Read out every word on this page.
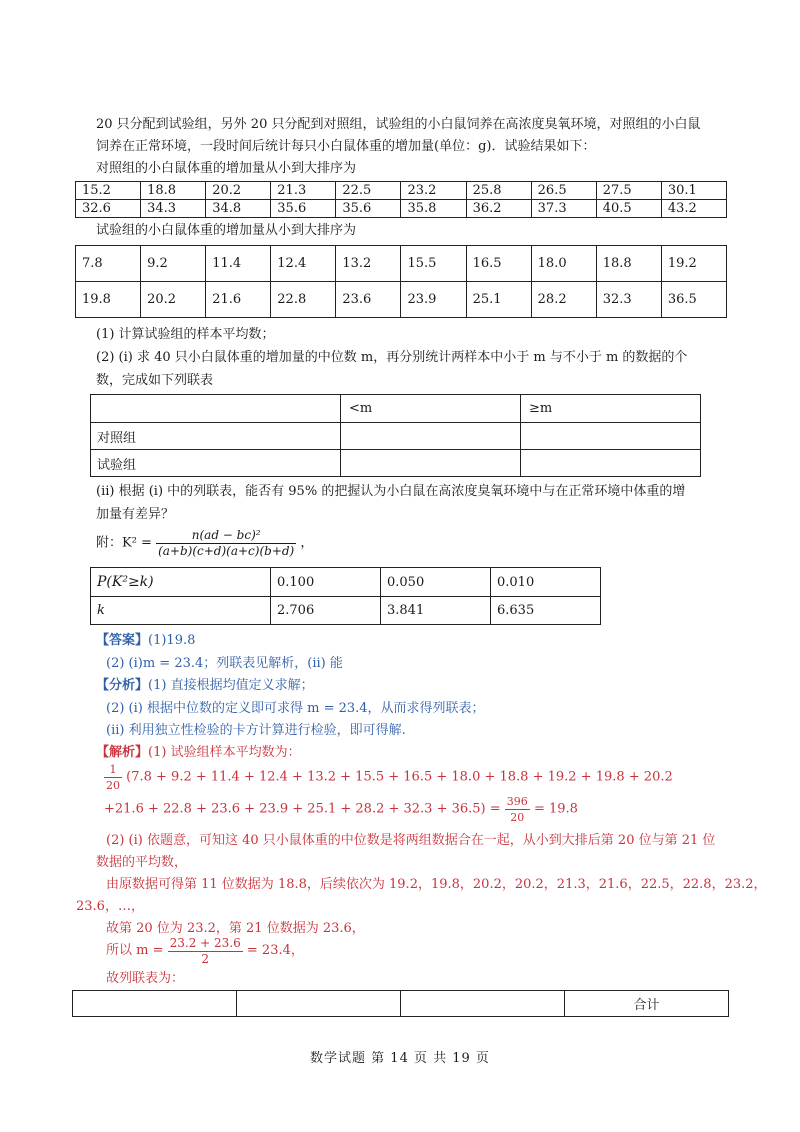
20 只分配到试验组，另外 20 只分配到对照组，试验组的小白鼠饲养在高浓度臭氧环境，对照组的小白鼠
饲养在正常环境，一段时间后统计每只小白鼠体重的增加量(单位：g)．试验结果如下：
对照组的小白鼠体重的增加量从小到大排序为
15.2	18.8	20.2	21.3	22.5	23.2	25.8	26.5	27.5	30.1
32.6	34.3	34.8	35.6	35.6	35.8	36.2	37.3	40.5	43.2
试验组的小白鼠体重的增加量从小到大排序为
7.8	9.2	11.4	12.4	13.2	15.5	16.5	18.0	18.8	19.2
19.8	20.2	21.6	22.8	23.6	23.9	25.1	28.2	32.3	36.5
(1) 计算试验组的样本平均数；
(2) (ⅰ) 求 40 只小白鼠体重的增加量的中位数 m，再分别统计两样本中小于 m 与不小于 m 的数据的个
数，完成如下列联表
	<m	≥m
对照组		
试验组		
(ⅱ) 根据 (i) 中的列联表，能否有 95% 的把握认为小白鼠在高浓度臭氧环境中与在正常环境中体重的增
加量有差异？
附：$K^2 = \frac{\text{n(ad − bc)²}}{(a+b)(c+d)(a+c)(b+d)}$ ，
P(K²≥k)	0.100	0.050	0.010
k	2.706	3.841	6.635
【答案】(1)19.8
(2) (i)m = 23.4；列联表见解析，(ii) 能
【分析】(1) 直接根据均值定义求解；
(2) (i) 根据中位数的定义即可求得 m = 23.4，从而求得列联表；
(ii) 利用独立性检验的卡方计算进行检验，即可得解.
【解析】(1) 试验组样本平均数为：
$\frac{1}{20} (7.8 + 9.2 + 11.4 + 12.4 + 13.2 + 15.5 + 16.5 + 18.0 + 18.8 + 19.2 + 19.8 + 20.2$
$+21.6 + 22.8 + 23.6 + 23.9 + 25.1 + 28.2 + 32.3 + 36.5) = \frac{396}{20} = 19.8$
(2) (i) 依题意，可知这 40 只小鼠体重的中位数是将两组数据合在一起，从小到大排后第 20 位与第 21 位
数据的平均数，
由原数据可得第 11 位数据为 18.8，后续依次为 19.2，19.8，20.2，20.2，21.3，21.6，22.5，22.8，23.2，
23.6，…，
故第 20 位为 23.2，第 21 位数据为 23.6，
所以 $m = \frac{23.2 + 23.6}{2} = 23.4$，
故列联表为：
			合计
数学试题 第 14 页 共 19 页
